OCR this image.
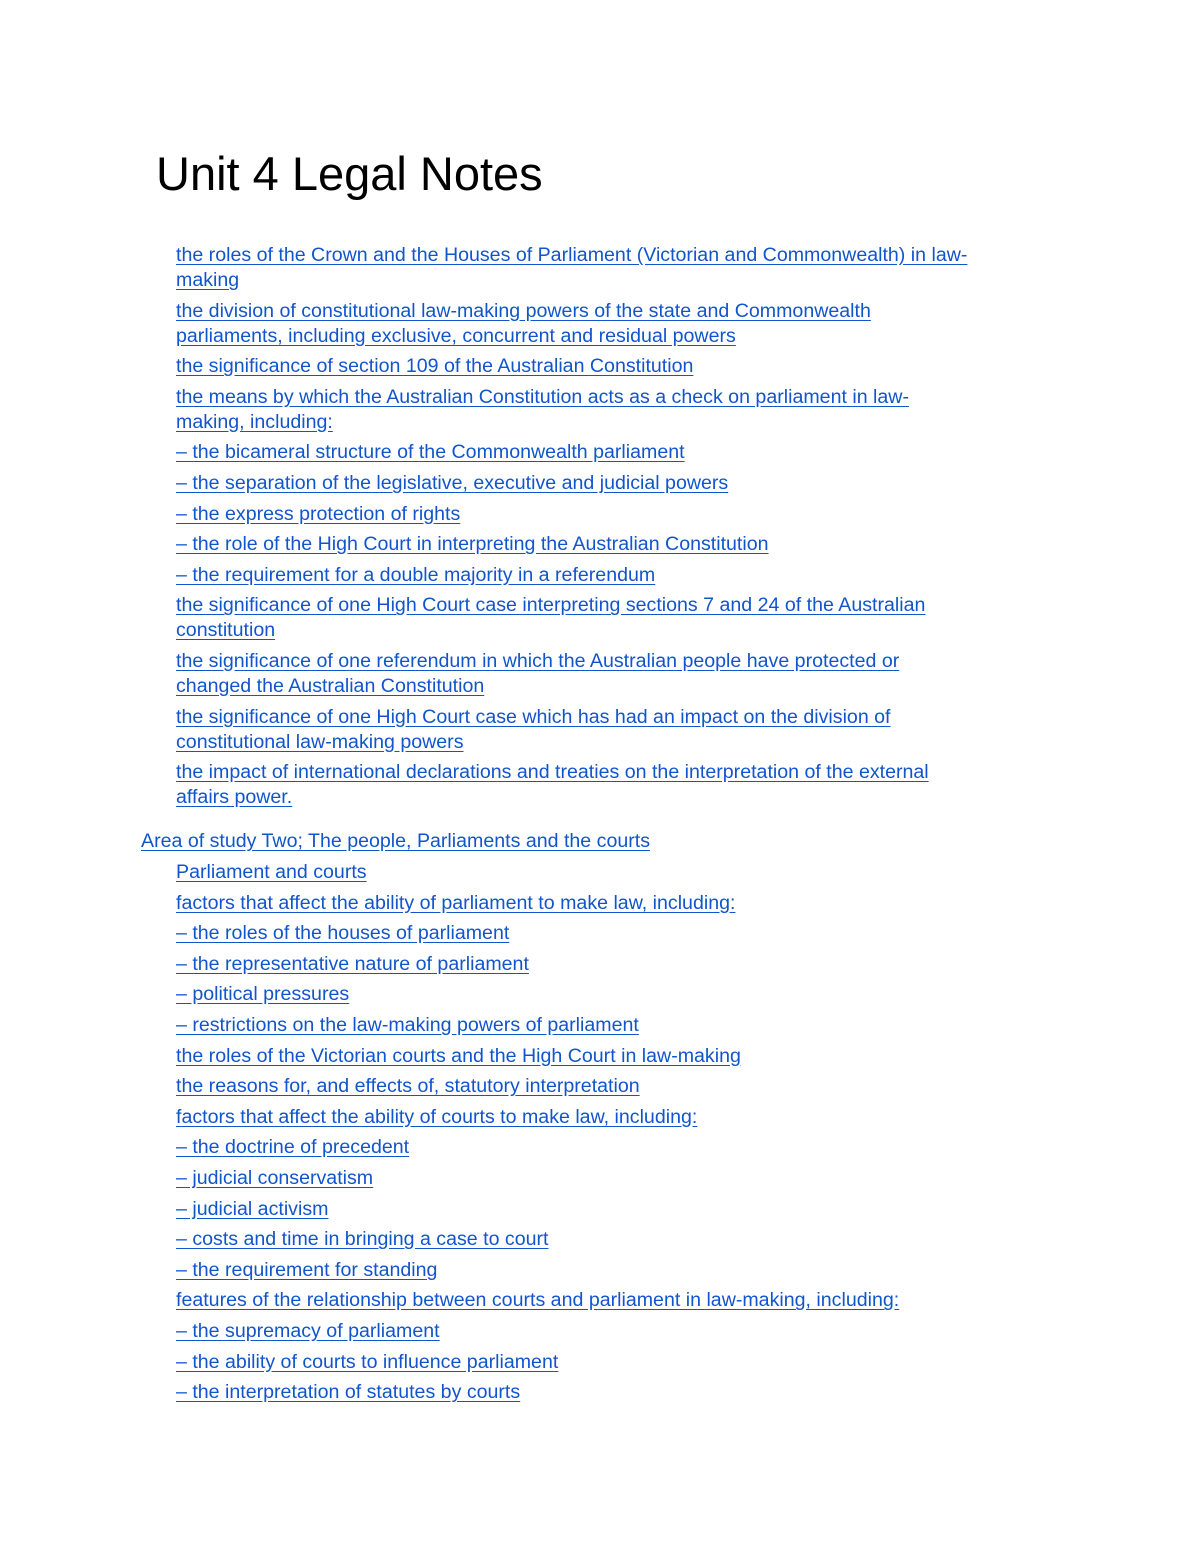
Unit 4 Legal Notes
the roles of the Crown and the Houses of Parliament (Victorian and Commonwealth) in law-
making
the division of constitutional law-making powers of the state and Commonwealth
parliaments, including exclusive, concurrent and residual powers
the significance of section 109 of the Australian Constitution
the means by which the Australian Constitution acts as a check on parliament in law-
making, including:
– the bicameral structure of the Commonwealth parliament
– the separation of the legislative, executive and judicial powers
– the express protection of rights
– the role of the High Court in interpreting the Australian Constitution
– the requirement for a double majority in a referendum
the significance of one High Court case interpreting sections 7 and 24 of the Australian
constitution
the significance of one referendum in which the Australian people have protected or
changed the Australian Constitution
the significance of one High Court case which has had an impact on the division of
constitutional law-making powers
the impact of international declarations and treaties on the interpretation of the external
affairs power.
Area of study Two; The people, Parliaments and the courts
Parliament and courts
factors that affect the ability of parliament to make law, including:
– the roles of the houses of parliament
– the representative nature of parliament
– political pressures
– restrictions on the law-making powers of parliament
the roles of the Victorian courts and the High Court in law-making
the reasons for, and effects of, statutory interpretation
factors that affect the ability of courts to make law, including:
– the doctrine of precedent
– judicial conservatism
– judicial activism
– costs and time in bringing a case to court
– the requirement for standing
features of the relationship between courts and parliament in law-making, including:
– the supremacy of parliament
– the ability of courts to influence parliament
– the interpretation of statutes by courts
